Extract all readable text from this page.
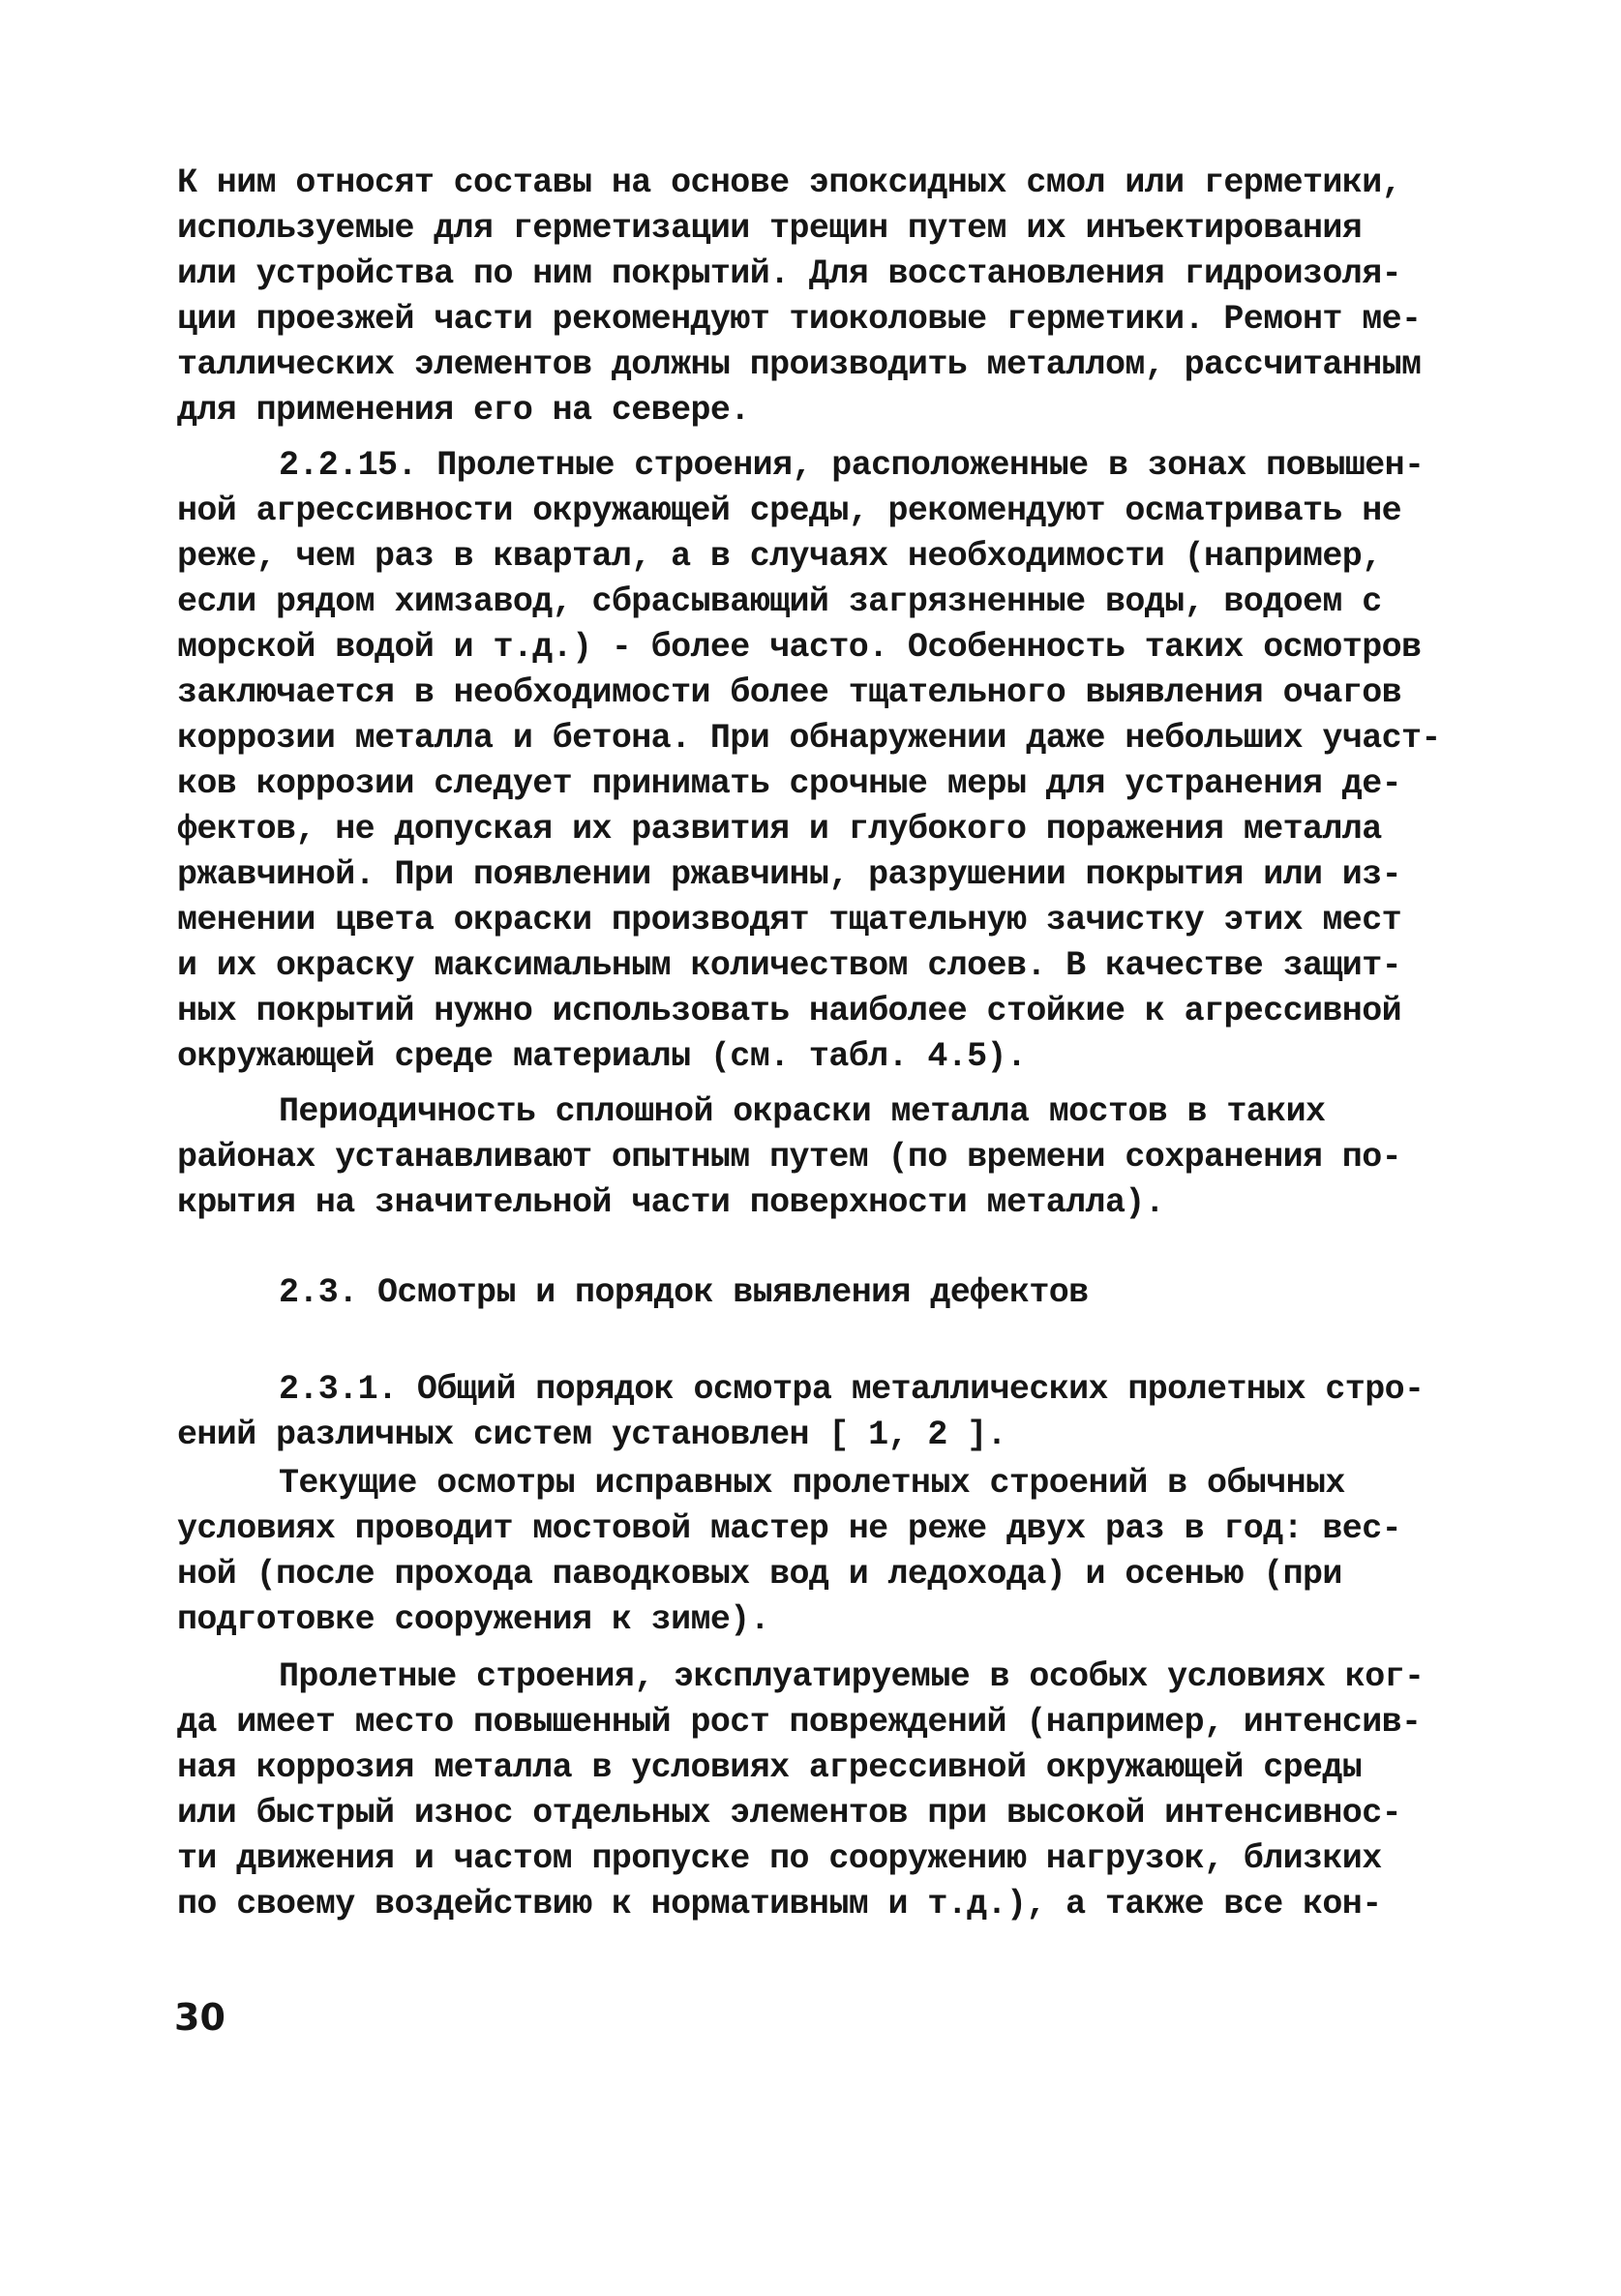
К ним относят составы на основе эпоксидных смол или герметики,
используемые для герметизации трещин путем их инъектирования
или устройства по ним покрытий. Для восстановления гидроизоля-
ции проезжей части рекомендуют тиоколовые герметики. Ремонт ме-
таллических элементов должны производить металлом, рассчитанным
для применения его на севере.
2.2.15. Пролетные строения, расположенные в зонах повышен-
ной агрессивности окружающей среды, рекомендуют осматривать не
реже, чем раз в квартал, а в случаях необходимости (например,
если рядом химзавод, сбрасывающий загрязненные воды, водоем с
морской водой и т.д.) - более часто. Особенность таких осмотров
заключается в необходимости более тщательного выявления очагов
коррозии металла и бетона. При обнаружении даже небольших участ-
ков коррозии следует принимать срочные меры для устранения де-
фектов, не допуская их развития и глубокого поражения металла
ржавчиной. При появлении ржавчины, разрушении покрытия или из-
менении цвета окраски производят тщательную зачистку этих мест
и их окраску максимальным количеством слоев. В качестве защит-
ных покрытий нужно использовать наиболее стойкие к агрессивной
окружающей среде материалы (см. табл. 4.5).
Периодичность сплошной окраски металла мостов в таких
районах устанавливают опытным путем (по времени сохранения по-
крытия на значительной части поверхности металла).
2.3. Осмотры и порядок выявления дефектов
2.3.1. Общий порядок осмотра металлических пролетных стро-
ений различных систем установлен [ 1, 2 ].
Текущие осмотры исправных пролетных строений в обычных
условиях проводит мостовой мастер не реже двух раз в год: вес-
ной (после прохода паводковых вод и ледохода) и осенью (при
подготовке сооружения к зиме).
Пролетные строения, эксплуатируемые в особых условиях ког-
да имеет место повышенный рост повреждений (например, интенсив-
ная коррозия металла в условиях агрессивной окружающей среды
или быстрый износ отдельных элементов при высокой интенсивнос-
ти движения и частом пропуске по сооружению нагрузок, близких
по своему воздействию к нормативным и т.д.), а также все кон-
30
